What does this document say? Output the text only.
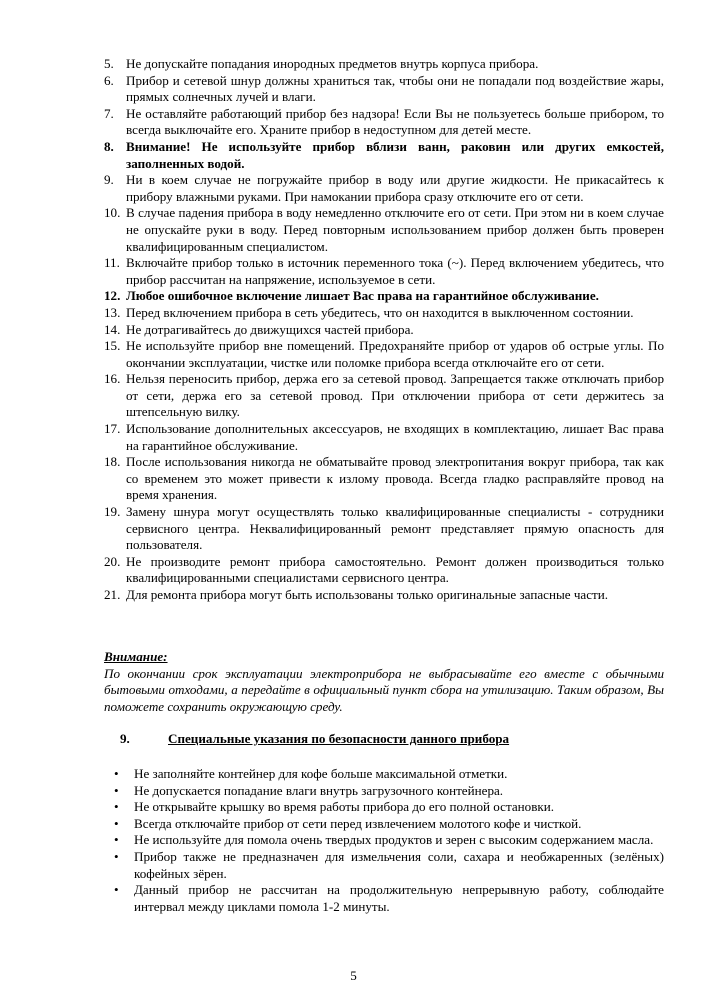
5. Не допускайте попадания инородных предметов внутрь корпуса прибора.
6. Прибор и сетевой шнур должны храниться так, чтобы они не попадали под воздействие жары, прямых солнечных лучей и влаги.
7. Не оставляйте работающий прибор без надзора! Если Вы не пользуетесь больше прибором, то всегда выключайте его. Храните прибор в недоступном для детей месте.
8. Внимание! Не используйте прибор вблизи ванн, раковин или других емкостей, заполненных водой.
9. Ни в коем случае не погружайте прибор в воду или другие жидкости. Не прикасайтесь к прибору влажными руками. При намокании прибора сразу отключите его от сети.
10. В случае падения прибора в воду немедленно отключите его от сети. При этом ни в коем случае не опускайте руки в воду. Перед повторным использованием прибор должен быть проверен квалифицированным специалистом.
11. Включайте прибор только в источник переменного тока (~). Перед включением убедитесь, что прибор рассчитан на напряжение, используемое в сети.
12. Любое ошибочное включение лишает Вас права на гарантийное обслуживание.
13. Перед включением прибора в сеть убедитесь, что он находится в выключенном состоянии.
14. Не дотрагивайтесь до движущихся частей прибора.
15. Не используйте прибор вне помещений. Предохраняйте прибор от ударов об острые углы. По окончании эксплуатации, чистке или поломке прибора всегда отключайте его от сети.
16. Нельзя переносить прибор, держа его за сетевой провод. Запрещается также отключать прибор от сети, держа его за сетевой провод. При отключении прибора от сети держитесь за штепсельную вилку.
17. Использование дополнительных аксессуаров, не входящих в комплектацию, лишает Вас права на гарантийное обслуживание.
18. После использования никогда не обматывайте провод электропитания вокруг прибора, так как со временем это может привести к излому провода. Всегда гладко расправляйте провод на время хранения.
19. Замену шнура могут осуществлять только квалифицированные специалисты - сотрудники сервисного центра. Неквалифицированный ремонт представляет прямую опасность для пользователя.
20. Не производите ремонт прибора самостоятельно. Ремонт должен производиться только квалифицированными специалистами сервисного центра.
21. Для ремонта прибора могут быть использованы только оригинальные запасные части.
Внимание:
По окончании срок эксплуатации электроприбора не выбрасывайте его вместе с обычными бытовыми отходами, а передайте в официальный пункт сбора на утилизацию. Таким образом, Вы поможете сохранить окружающую среду.
9.	Специальные указания по безопасности данного прибора
•	Не заполняйте контейнер для кофе больше максимальной отметки.
•	Не допускается попадание влаги внутрь загрузочного контейнера.
•	Не открывайте крышку во время работы прибора до его полной остановки.
•	Всегда отключайте прибор от сети перед извлечением молотого кофе и чисткой.
•	Не используйте для помола очень твердых продуктов и зерен с высоким содержанием масла.
•	Прибор также не предназначен для измельчения соли, сахара и необжаренных (зелёных) кофейных зёрен.
•	Данный прибор не рассчитан на продолжительную непрерывную работу, соблюдайте интервал между циклами помола 1-2 минуты.
5
